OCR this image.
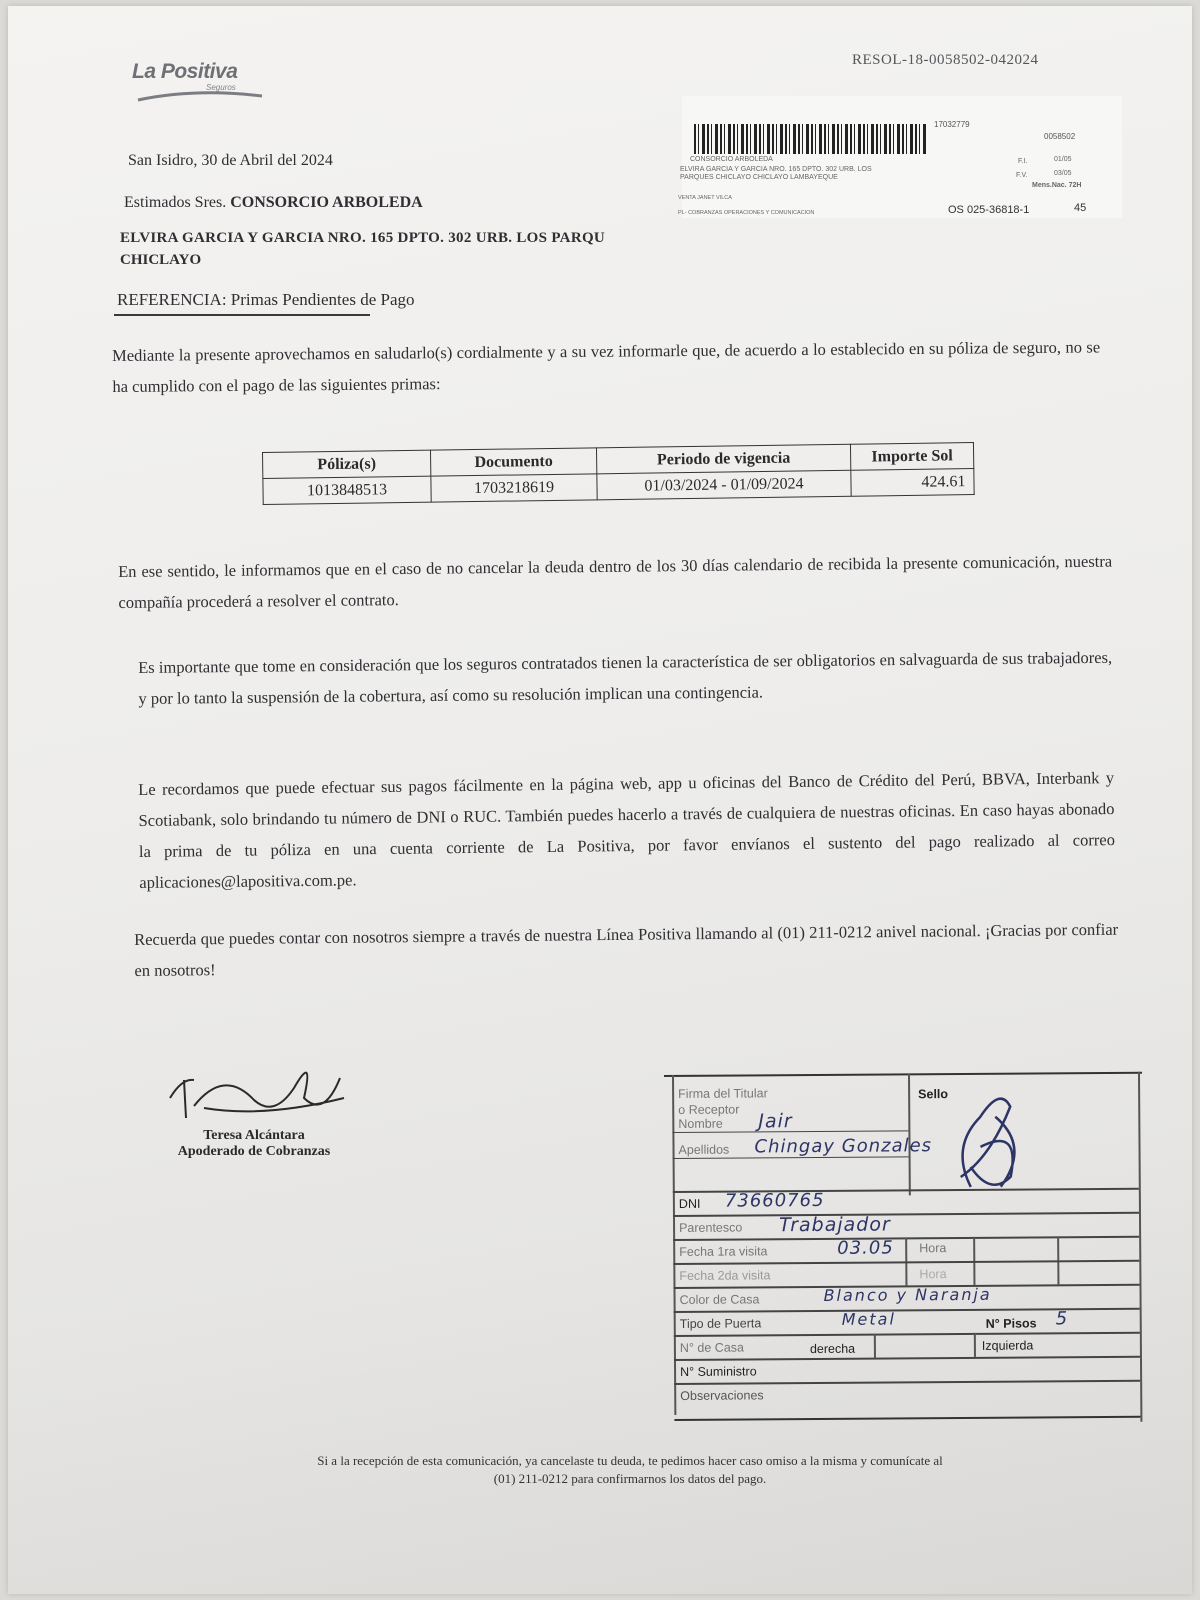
La Positiva
Seguros
RESOL-18-0058502-042024
0058502
17032779
CONSORCIO ARBOLEDA
ELVIRA GARCIA Y GARCIA NRO. 165 DPTO. 302 URB. LOS
PARQUES CHICLAYO CHICLAYO LAMBAYEQUE
VENTA JANET VILCA
PL- COBRANZAS OPERACIONES Y COMUNICACION
F.I.	01/05
F.V.	03/05
Mens.Nac. 72H
OS 025-36818-1	45
San Isidro, 30 de Abril del 2024
Estimados Sres. CONSORCIO ARBOLEDA
ELVIRA GARCIA Y GARCIA NRO. 165 DPTO. 302 URB. LOS PARQU
CHICLAYO
REFERENCIA: Primas Pendientes de Pago
Mediante la presente aprovechamos en saludarlo(s) cordialmente y a su vez informarle que, de acuerdo a lo establecido en su póliza de seguro, no se ha cumplido con el pago de las siguientes primas:
Póliza(s)	Documento	Periodo de vigencia	Importe Sol
1013848513	1703218619	01/03/2024 - 01/09/2024	424.61
En ese sentido, le informamos que en el caso de no cancelar la deuda dentro de los 30 días calendario de recibida la presente comunicación, nuestra compañía procederá a resolver el contrato.
Es importante que tome en consideración que los seguros contratados tienen la característica de ser obligatorios en salvaguarda de sus trabajadores, y por lo tanto la suspensión de la cobertura, así como su resolución implican una contingencia.
Le recordamos que puede efectuar sus pagos fácilmente en la página web, app u oficinas del Banco de Crédito del Perú, BBVA, Interbank y Scotiabank, solo brindando tu número de DNI o RUC. También puedes hacerlo a través de cualquiera de nuestras oficinas. En caso hayas abonado la prima de tu póliza en una cuenta corriente de La Positiva, por favor envíanos el sustento del pago realizado al correo aplicaciones@lapositiva.com.pe.
Recuerda que puedes contar con nosotros siempre a través de nuestra Línea Positiva llamando al (01) 211-0212 anivel nacional. ¡Gracias por confiar en nosotros!
Teresa Alcántara
Apoderado de Cobranzas
Firma del Titular
o Receptor
Sello
Nombre Jair
Apellidos Chingay Gonzales
DNI 73660765
Parentesco Trabajador
Fecha 1ra visita	03.05 Hora
Fecha 2da visita	Hora
Color de Casa	Blanco y Naranja
Tipo de Puerta	Metal	N° Pisos 5
N° de Casa	derecha	Izquierda
N° Suministro
Observaciones
Si a la recepción de esta comunicación, ya cancelaste tu deuda, te pedimos hacer caso omiso a la misma y comunícate al
(01) 211-0212 para confirmarnos los datos del pago.
